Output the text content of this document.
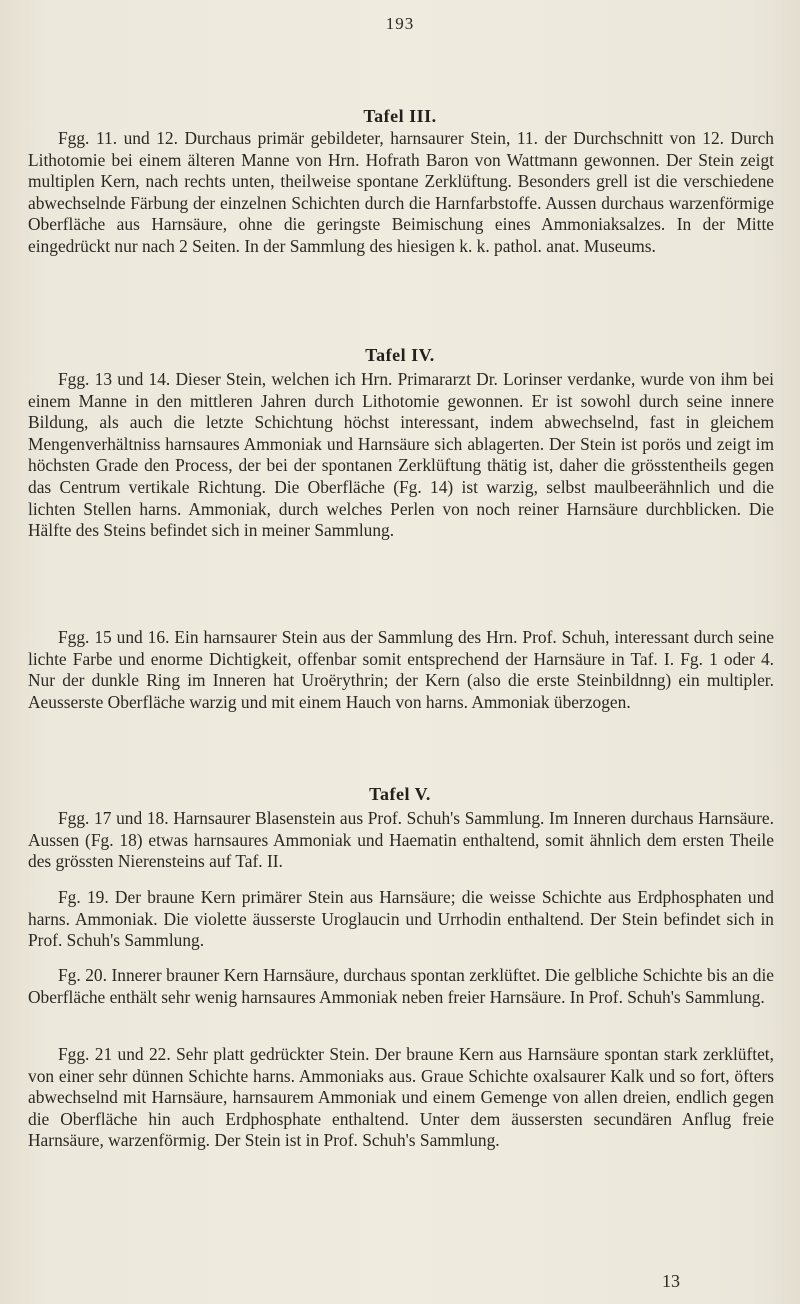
193
Tafel III.

Fgg. 11. und 12. Durchaus primär gebildeter, harnsaurer Stein, 11. der Durchschnitt von 12. Durch Lithotomie bei einem älteren Manne von Hrn. Hofrath Baron von Wattmann gewonnen. Der Stein zeigt multiplen Kern, nach rechts unten, theilweise spontane Zerklüftung. Besonders grell ist die verschiedene abwechselnde Färbung der einzelnen Schichten durch die Harnfarbstoffe. Aussen durchaus warzenförmige Oberfläche aus Harnsäure, ohne die geringste Beimischung eines Ammoniaksalzes. In der Mitte eingedrückt nur nach 2 Seiten. In der Sammlung des hiesigen k. k. pathol. anat. Museums.

Tafel IV.

Fgg. 13 und 14. Dieser Stein, welchen ich Hrn. Primararzt Dr. Lorinser verdanke, wurde von ihm bei einem Manne in den mittleren Jahren durch Lithotomie gewonnen. Er ist sowohl durch seine innere Bildung, als auch die letzte Schichtung höchst interessant, indem abwechselnd, fast in gleichem Mengenverhältniss harnsaures Ammoniak und Harnsäure sich ablagerten. Der Stein ist porös und zeigt im höchsten Grade den Process, der bei der spontanen Zerklüftung thätig ist, daher die grösstentheils gegen das Centrum vertikale Richtung. Die Oberfläche (Fg. 14) ist warzig, selbst maulbeerähnlich und die lichten Stellen harns. Ammoniak, durch welches Perlen von noch reiner Harnsäure durchblicken. Die Hälfte des Steins befindet sich in meiner Sammlung.

Fgg. 15 und 16. Ein harnsaurer Stein aus der Sammlung des Hrn. Prof. Schuh, interessant durch seine lichte Farbe und enorme Dichtigkeit, offenbar somit entsprechend der Harnsäure in Taf. I. Fg. 1 oder 4. Nur der dunkle Ring im Inneren hat Uroërythrin; der Kern (also die erste Steinbildnng) ein multipler. Aeusserste Oberfläche warzig und mit einem Hauch von harns. Ammoniak überzogen.

Tafel V.

Fgg. 17 und 18. Harnsaurer Blasenstein aus Prof. Schuh's Sammlung. Im Inneren durchaus Harnsäure. Aussen (Fg. 18) etwas harnsaures Ammoniak und Haematin enthaltend, somit ähnlich dem ersten Theile des grössten Nierensteins auf Taf. II.

Fg. 19. Der braune Kern primärer Stein aus Harnsäure; die weisse Schichte aus Erdphosphaten und harns. Ammoniak. Die violette äusserste Uroglaucin und Urrhodin enthaltend. Der Stein befindet sich in Prof. Schuh's Sammlung.

Fg. 20. Innerer brauner Kern Harnsäure, durchaus spontan zerklüftet. Die gelbliche Schichte bis an die Oberfläche enthält sehr wenig harnsaures Ammoniak neben freier Harnsäure. In Prof. Schuh's Sammlung.

Fgg. 21 und 22. Sehr platt gedrückter Stein. Der braune Kern aus Harnsäure spontan stark zerklüftet, von einer sehr dünnen Schichte harns. Ammoniaks aus. Graue Schichte oxalsaurer Kalk und so fort, öfters abwechselnd mit Harnsäure, harnsaurem Ammoniak und einem Gemenge von allen dreien, endlich gegen die Oberfläche hin auch Erdphosphate enthaltend. Unter dem äussersten secundären Anflug freie Harnsäure, warzenförmig. Der Stein ist in Prof. Schuh's Sammlung.

13
